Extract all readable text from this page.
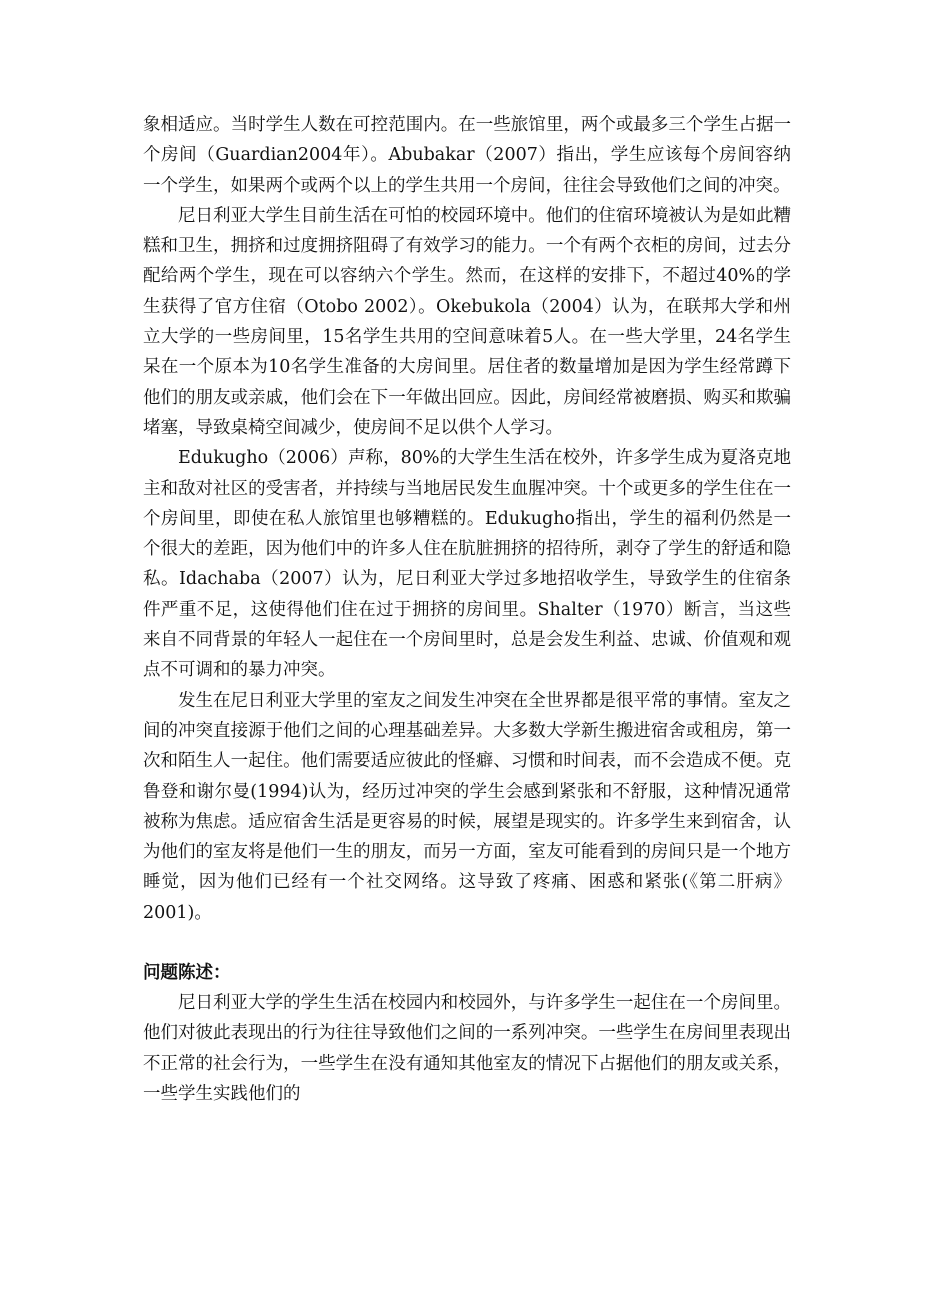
象相适应。当时学生人数在可控范围内。在一些旅馆里，两个或最多三个学生占据一个房间（Guardian2004年）。Abubakar（2007）指出，学生应该每个房间容纳一个学生，如果两个或两个以上的学生共用一个房间，往往会导致他们之间的冲突。

尼日利亚大学生目前生活在可怕的校园环境中。他们的住宿环境被认为是如此糟糕和卫生，拥挤和过度拥挤阻碍了有效学习的能力。一个有两个衣柜的房间，过去分配给两个学生，现在可以容纳六个学生。然而，在这样的安排下，不超过40%的学生获得了官方住宿（Otobo 2002）。Okebukola（2004）认为，在联邦大学和州立大学的一些房间里，15名学生共用的空间意味着5人。在一些大学里，24名学生呆在一个原本为10名学生准备的大房间里。居住者的数量增加是因为学生经常蹲下他们的朋友或亲戚，他们会在下一年做出回应。因此，房间经常被磨损、购买和欺骗堵塞，导致桌椅空间减少，使房间不足以供个人学习。

Edukugho（2006）声称，80%的大学生生活在校外，许多学生成为夏洛克地主和敌对社区的受害者，并持续与当地居民发生血腥冲突。十个或更多的学生住在一个房间里，即使在私人旅馆里也够糟糕的。Edukugho指出，学生的福利仍然是一个很大的差距，因为他们中的许多人住在肮脏拥挤的招待所，剥夺了学生的舒适和隐私。Idachaba（2007）认为，尼日利亚大学过多地招收学生，导致学生的住宿条件严重不足，这使得他们住在过于拥挤的房间里。Shalter（1970）断言，当这些来自不同背景的年轻人一起住在一个房间里时，总是会发生利益、忠诚、价值观和观点不可调和的暴力冲突。

发生在尼日利亚大学里的室友之间发生冲突在全世界都是很平常的事情。室友之间的冲突直接源于他们之间的心理基础差异。大多数大学新生搬进宿舍或租房，第一次和陌生人一起住。他们需要适应彼此的怪癖、习惯和时间表，而不会造成不便。克鲁登和谢尔曼(1994)认为，经历过冲突的学生会感到紧张和不舒服，这种情况通常被称为焦虑。适应宿舍生活是更容易的时候，展望是现实的。许多学生来到宿舍，认为他们的室友将是他们一生的朋友，而另一方面，室友可能看到的房间只是一个地方睡觉，因为他们已经有一个社交网络。这导致了疼痛、困惑和紧张(《第二肝病》2001)。

问题陈述：

尼日利亚大学的学生生活在校园内和校园外，与许多学生一起住在一个房间里。他们对彼此表现出的行为往往导致他们之间的一系列冲突。一些学生在房间里表现出不正常的社会行为，一些学生在没有通知其他室友的情况下占据他们的朋友或关系，一些学生实践他们的
